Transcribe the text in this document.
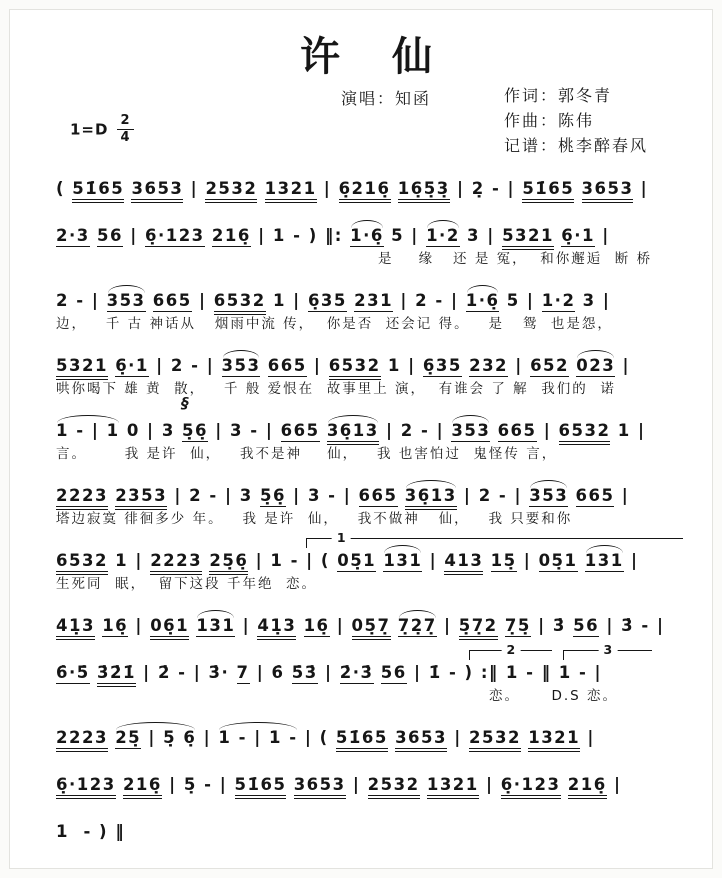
许　仙
$1=D \frac{2}{4}$
演唱：知函	作词：郭冬青
作曲：陈伟
记谱：桃李醉春风
( 51̇65 3653 | 2532 1321 | 6̣216̣ 16̣5̣3̣ | 2̣ - | 51̇65 3653 |
2·3 56 | 6̣·123 216̣ | 1 - ) ‖: 1·6̣ 5 | 1·2 3 | 5321 6̣·1 |
是    缘   还 是 冤，  和你邂逅  断 桥
2 - | 353 665 | 6532 1 | 6̣35 231 | 2 - | 1·6̣ 5 | 1·2 3 |
边，   千 古 神话从   烟雨中流 传，  你是否  还会记 得。   是   鸳  也是怨，
5321 6̣·1 | 2 - | 353 665 | 6532 1 | 6̣35 232 | 652 023 |
哄你喝下 雄 黄  散，   千 般 爱恨在  故事里上 演，  有谁会 了 解  我们的  诺
1 - | 1 0 | 3 5̣6̣ | 3 - | 665 36̣13 | 2 - | 353 665 | 6532 1 |
§
言。      我 是许  仙，   我不是神    仙，   我 也害怕过  鬼怪传 言，
2223 2353 | 2 - | 3 5̣6̣ | 3 - | 665 36̣13 | 2 - | 353 665 |
塔边寂寞 徘徊多少 年。   我 是许  仙，   我不做神   仙，   我 只要和你
6532 1 | 2223 25̣6̣ | 1 - | ( 05̣1 131 | 413 15̣ | 05̣1 131 |
1
生死同  眠，  留下这段 千年绝  恋。
41̣3 16̣ | 06̣1 131 | 41̣3 16̣ | 05̣7̣ 7̣2̣7̣ | 5̣7̣2 7̣5̣ | 3̇ 56 | 3̇ - |
6̇·5̇ 3̇2̇1̇ | 2̇ - | 3̇· 7 | 6̇ 5̇3̇ | 2̇·3̇ 56 | 1̇ - ) :‖ 1 - ‖ 1 - |
2	3
恋。     D.S 恋。
2223 25̣ | 5̣ 6̣ | 1 - | 1 - | ( 51̇65 3653 | 2532 1321 |
6̣·123 216̣ | 5̣ - | 51̇65 3653 | 2532 1321 | 6̣·123 216̣ |
1  - ) ‖
